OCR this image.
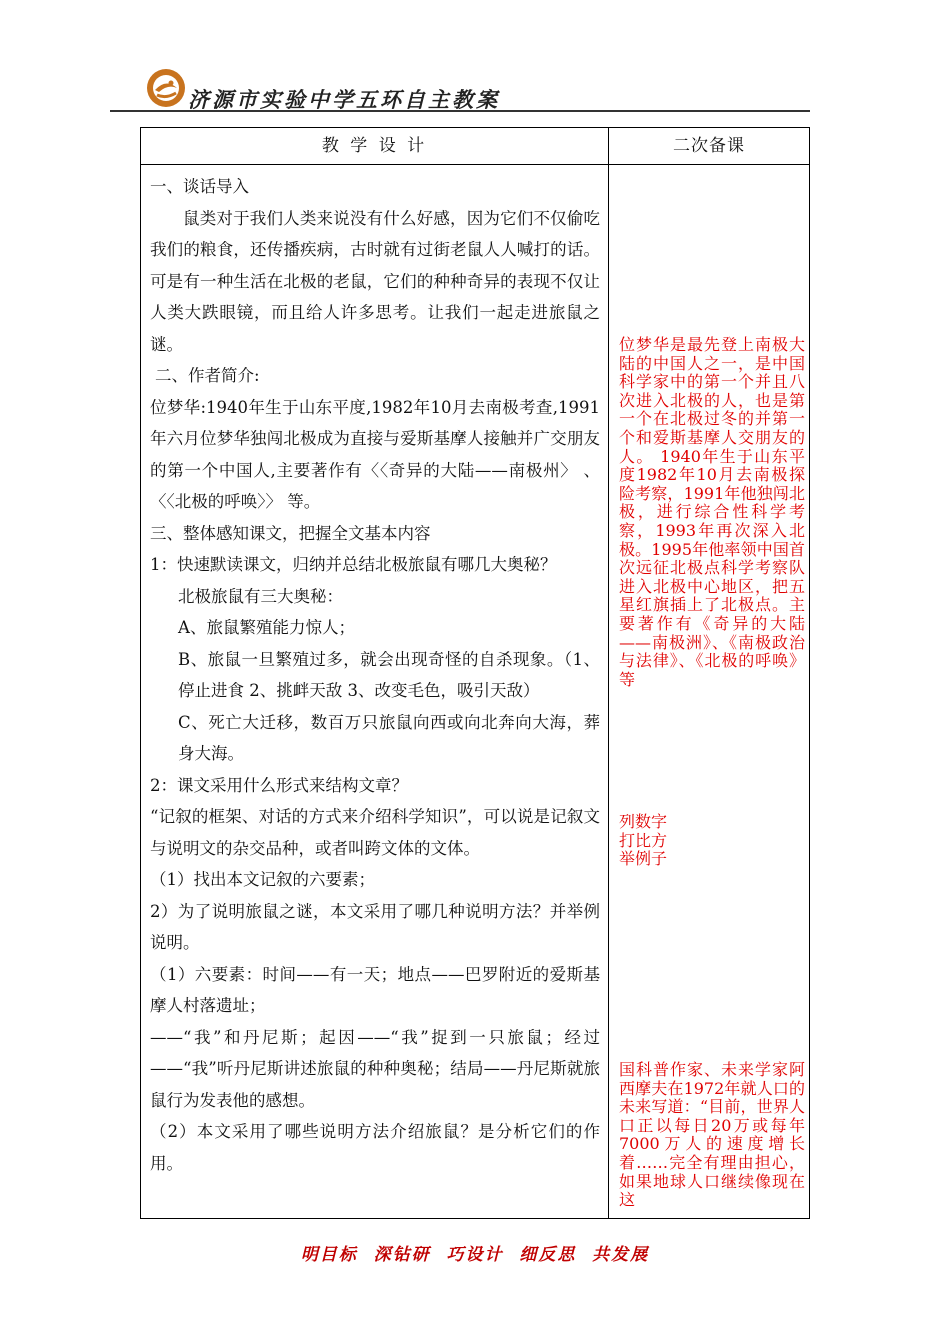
济源市实验中学五环自主教案
教 学 设 计	二次备课

一、谈话导入

鼠类对于我们人类来说没有什么好感，因为它们不仅偷吃我们的粮食，还传播疾病，古时就有过街老鼠人人喊打的话。可是有一种生活在北极的老鼠，它们的种种奇异的表现不仅让人类大跌眼镜，而且给人许多思考。让我们一起走进旅鼠之谜。

二、作者简介:

位梦华:1940年生于山东平度,1982年10月去南极考查,1991年六月位梦华独闯北极成为直接与爱斯基摩人接触并广交朋友的第一个中国人,主要著作有〈〈奇异的大陆——南极州〉 、〈〈北极的呼唤〉〉 等。

三、整体感知课文，把握全文基本内容

1：快速默读课文，归纳并总结北极旅鼠有哪几大奥秘？

北极旅鼠有三大奥秘：

A、旅鼠繁殖能力惊人；

B、旅鼠一旦繁殖过多，就会出现奇怪的自杀现象。（1、停止进食 2、挑衅天敌 3、改变毛色，吸引天敌）

C、死亡大迁移，数百万只旅鼠向西或向北奔向大海，葬身大海。

2：课文采用什么形式来结构文章？

“记叙的框架、对话的方式来介绍科学知识”，可以说是记叙文与说明文的杂交品种，或者叫跨文体的文体。

（1）找出本文记叙的六要素；

2）为了说明旅鼠之谜，本文采用了哪几种说明方法？并举例说明。

（1）六要素：时间——有一天；地点——巴罗附近的爱斯基摩人村落遗址；

——“我”和丹尼斯；起因——“我”捉到一只旅鼠；经过——“我”听丹尼斯讲述旅鼠的种种奥秘；结局——丹尼斯就旅鼠行为发表他的感想。

（2）本文采用了哪些说明方法介绍旅鼠？是分析它们的作用。

位梦华是最先登上南极大陆的中国人之一，是中国科学家中的第一个并且八次进入北极的人，也是第一个在北极过冬的并第一个和爱斯基摩人交朋友的人。 1940年生于山东平度1982年10月去南极探险考察，1991年他独闯北极，进行综合性科学考察，1993年再次深入北极。1995年他率领中国首次远征北极点科学考察队进入北极中心地区，把五星红旗插上了北极点。主要著作有《奇异的大陆——南极洲》、《南极政治与法律》、《北极的呼唤》等
列数字
打比方
举例子
国科普作家、未来学家阿西摩夫在1972年就人口的未来写道：“目前，世界人口正以每日20万或每年7000万人的速度增长着……完全有理由担心，如果地球人口继续像现在这
明目标  深钻研  巧设计  细反思  共发展
